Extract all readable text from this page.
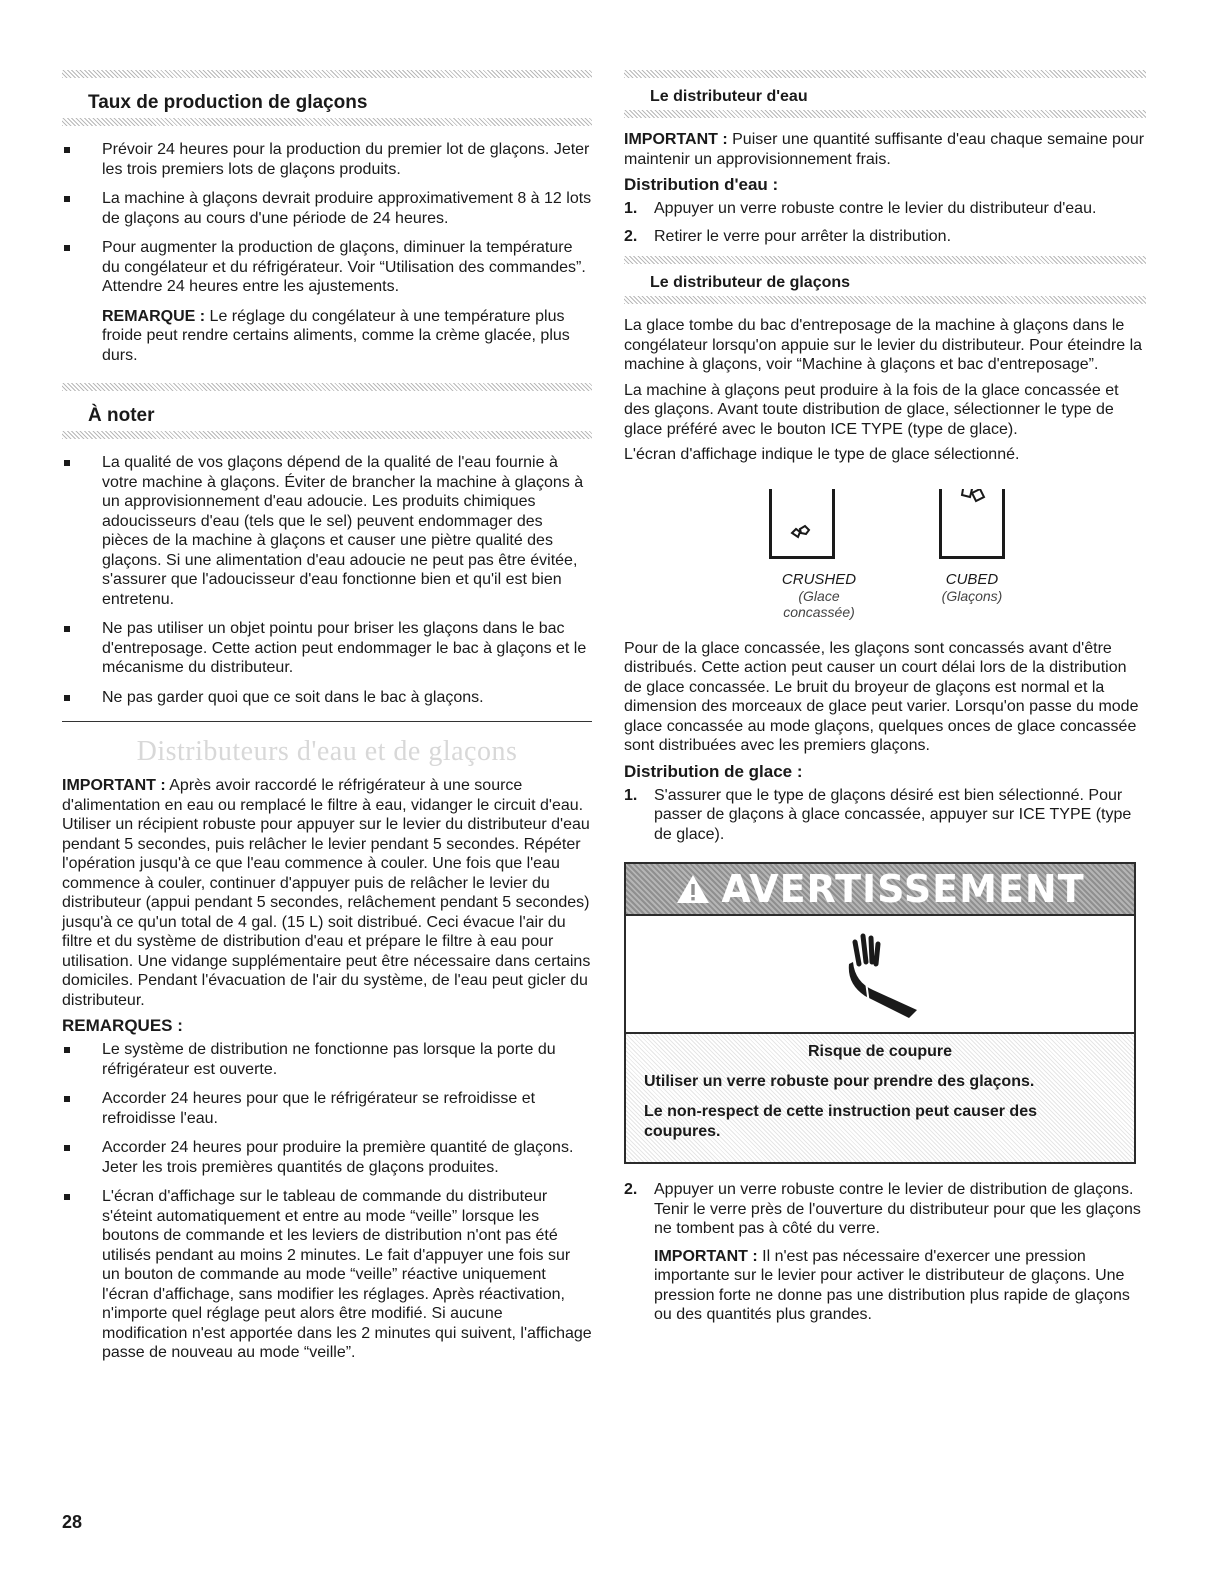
Taux de production de glaçons
Prévoir 24 heures pour la production du premier lot de glaçons. Jeter les trois premiers lots de glaçons produits.
La machine à glaçons devrait produire approximativement 8 à 12 lots de glaçons au cours d'une période de 24 heures.
Pour augmenter la production de glaçons, diminuer la température du congélateur et du réfrigérateur. Voir “Utilisation des commandes”. Attendre 24 heures entre les ajustements.

REMARQUE : Le réglage du congélateur à une température plus froide peut rendre certains aliments, comme la crème glacée, plus durs.

À noter
La qualité de vos glaçons dépend de la qualité de l'eau fournie à votre machine à glaçons. Éviter de brancher la machine à glaçons à un approvisionnement d'eau adoucie. Les produits chimiques adoucisseurs d'eau (tels que le sel) peuvent endommager des pièces de la machine à glaçons et causer une piètre qualité des glaçons. Si une alimentation d'eau adoucie ne peut pas être évitée, s'assurer que l'adoucisseur d'eau fonctionne bien et qu'il est bien entretenu.
Ne pas utiliser un objet pointu pour briser les glaçons dans le bac d'entreposage. Cette action peut endommager le bac à glaçons et le mécanisme du distributeur.
Ne pas garder quoi que ce soit dans le bac à glaçons.
Distributeurs d'eau et de glaçons

IMPORTANT : Après avoir raccordé le réfrigérateur à une source d'alimentation en eau ou remplacé le filtre à eau, vidanger le circuit d'eau. Utiliser un récipient robuste pour appuyer sur le levier du distributeur d'eau pendant 5 secondes, puis relâcher le levier pendant 5 secondes. Répéter l'opération jusqu'à ce que l'eau commence à couler. Une fois que l'eau commence à couler, continuer d'appuyer puis de relâcher le levier du distributeur (appui pendant 5 secondes, relâchement pendant 5 secondes) jusqu'à ce qu'un total de 4 gal. (15 L) soit distribué. Ceci évacue l'air du filtre et du système de distribution d'eau et prépare le filtre à eau pour utilisation. Une vidange supplémentaire peut être nécessaire dans certains domiciles. Pendant l'évacuation de l'air du système, de l'eau peut gicler du distributeur.

REMARQUES :
Le système de distribution ne fonctionne pas lorsque la porte du réfrigérateur est ouverte.
Accorder 24 heures pour que le réfrigérateur se refroidisse et refroidisse l'eau.
Accorder 24 heures pour produire la première quantité de glaçons. Jeter les trois premières quantités de glaçons produites.
L'écran d'affichage sur le tableau de commande du distributeur s'éteint automatiquement et entre au mode “veille” lorsque les boutons de commande et les leviers de distribution n'ont pas été utilisés pendant au moins 2 minutes. Le fait d'appuyer une fois sur un bouton de commande au mode “veille” réactive uniquement l'écran d'affichage, sans modifier les réglages. Après réactivation, n'importe quel réglage peut alors être modifié. Si aucune modification n'est apportée dans les 2 minutes qui suivent, l'affichage passe de nouveau au mode “veille”.
Le distributeur d'eau

IMPORTANT : Puiser une quantité suffisante d'eau chaque semaine pour maintenir un approvisionnement frais.

Distribution d'eau :
1. Appuyer un verre robuste contre le levier du distributeur d'eau.
2. Retirer le verre pour arrêter la distribution.
Le distributeur de glaçons

La glace tombe du bac d'entreposage de la machine à glaçons dans le congélateur lorsqu'on appuie sur le levier du distributeur. Pour éteindre la machine à glaçons, voir “Machine à glaçons et bac d'entreposage”.

La machine à glaçons peut produire à la fois de la glace concassée et des glaçons. Avant toute distribution de glace, sélectionner le type de glace préféré avec le bouton ICE TYPE (type de glace).

L'écran d'affichage indique le type de glace sélectionné.

CRUSHED
(Glace concassée)
CUBED
(Glaçons)

Pour de la glace concassée, les glaçons sont concassés avant d'être distribués. Cette action peut causer un court délai lors de la distribution de glace concassée. Le bruit du broyeur de glaçons est normal et la dimension des morceaux de glace peut varier. Lorsqu'on passe du mode glace concassée au mode glaçons, quelques onces de glace concassée sont distribuées avec les premiers glaçons.

Distribution de glace :
1. S'assurer que le type de glaçons désiré est bien sélectionné. Pour passer de glaçons à glace concassée, appuyer sur ICE TYPE (type de glace).
AVERTISSEMENT

Risque de coupure

Utiliser un verre robuste pour prendre des glaçons.

Le non-respect de cette instruction peut causer des coupures.

2. Appuyer un verre robuste contre le levier de distribution de glaçons. Tenir le verre près de l'ouverture du distributeur pour que les glaçons ne tombent pas à côté du verre.

IMPORTANT : Il n'est pas nécessaire d'exercer une pression importante sur le levier pour activer le distributeur de glaçons. Une pression forte ne donne pas une distribution plus rapide de glaçons ou des quantités plus grandes.

28
